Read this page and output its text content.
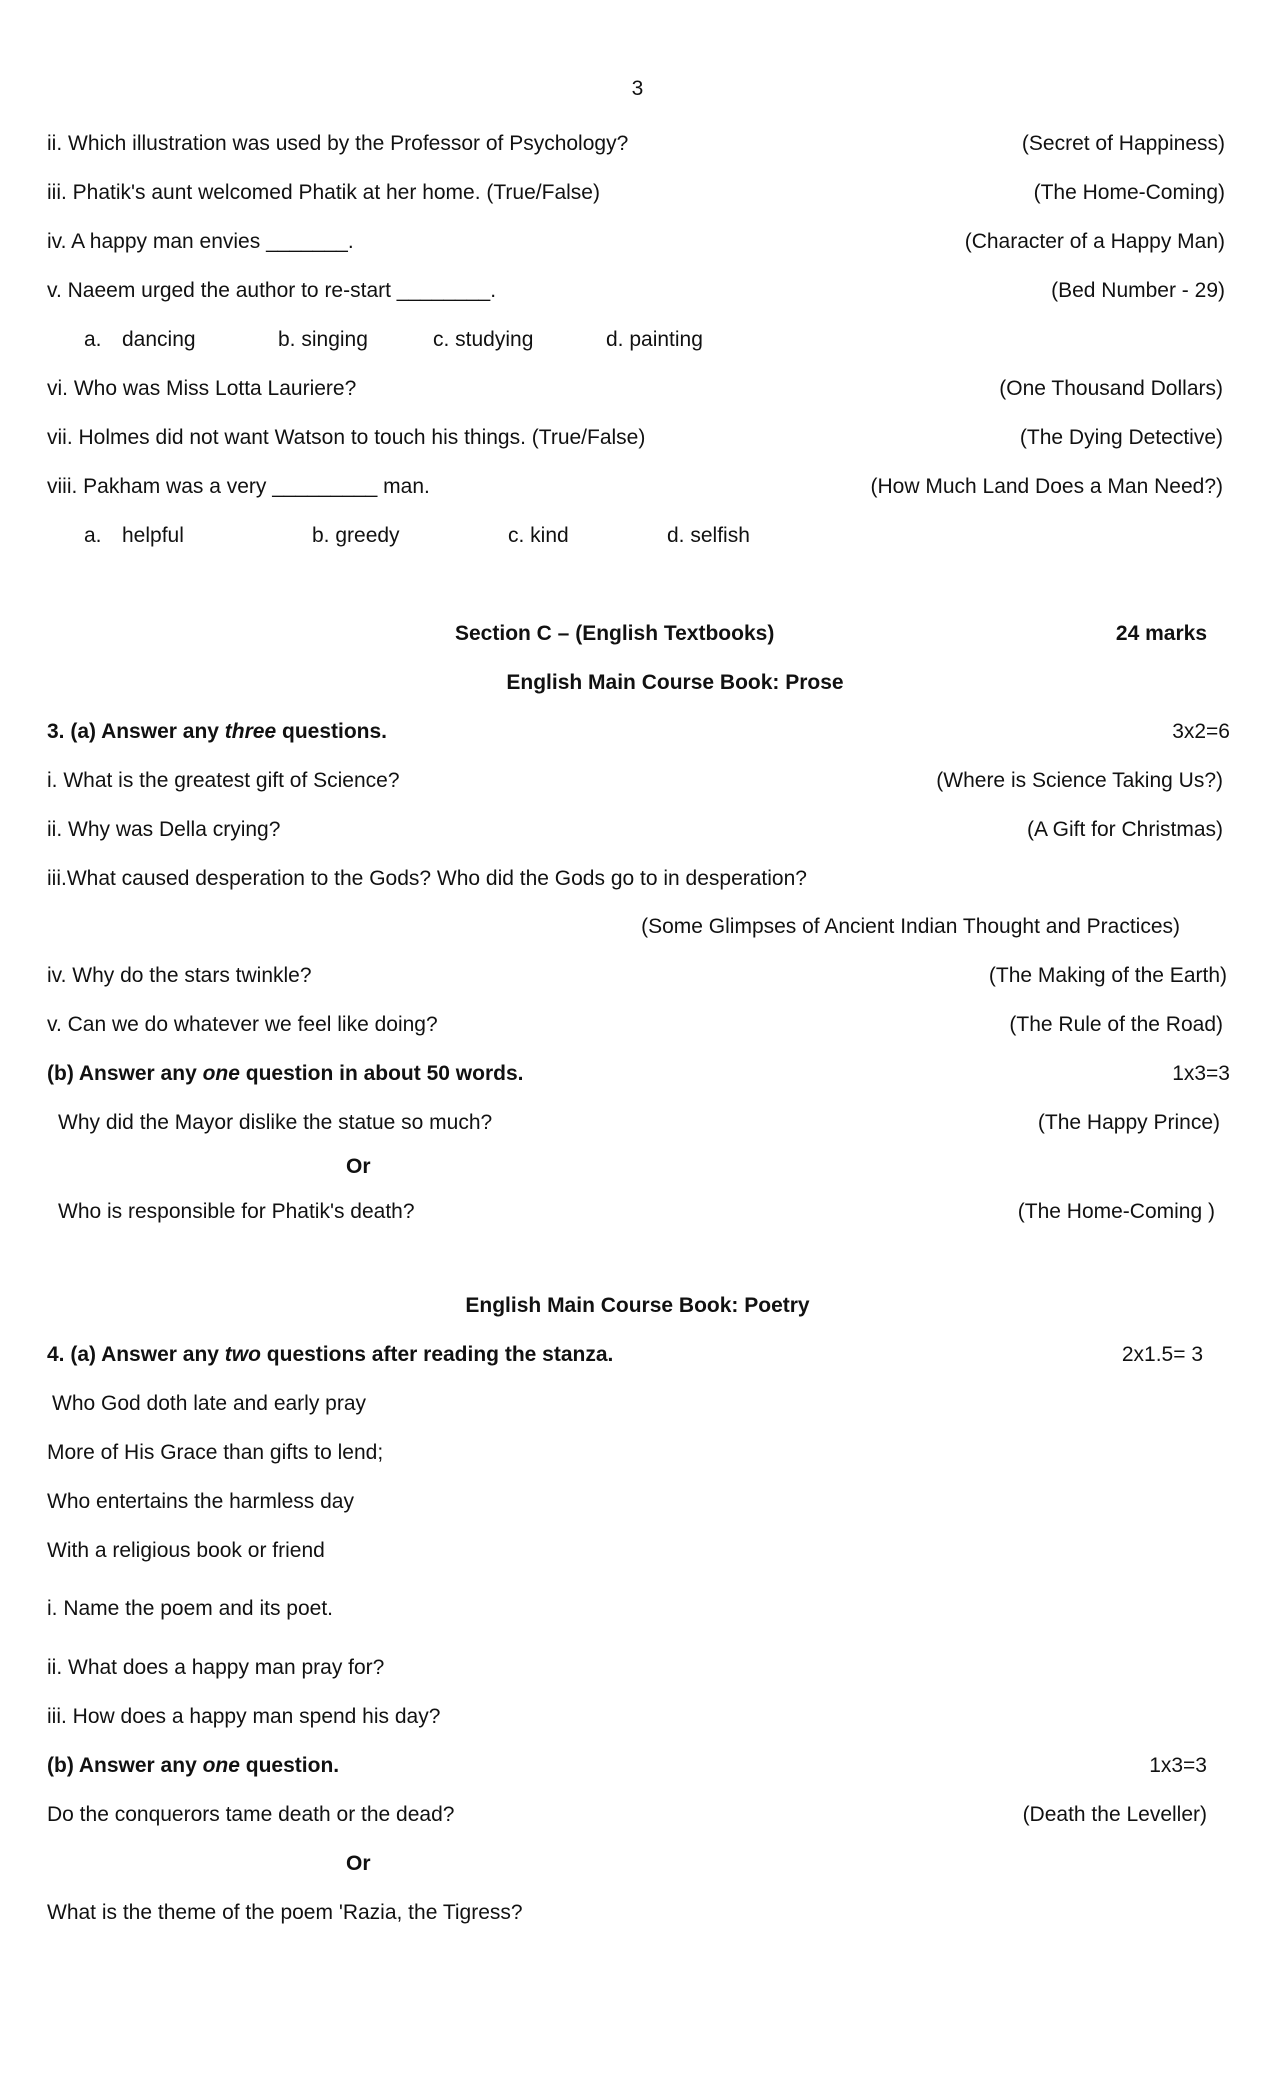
3
ii. Which illustration was used by the Professor of Psychology?	(Secret of Happiness)
iii. Phatik's aunt welcomed Phatik at her home. (True/False)	(The Home-Coming)
iv. A happy man envies _______.	(Character of a Happy Man)
v. Naeem urged the author to re-start ________.	(Bed Number - 29)
a. dancing	b. singing	c. studying	d. painting
vi. Who was Miss Lotta Lauriere?	(One Thousand Dollars)
vii. Holmes did not want Watson to touch his things. (True/False)	(The Dying Detective)
viii. Pakham was a very _________ man.	(How Much Land Does a Man Need?)
a. helpful	b. greedy	c. kind	d. selfish
Section C – (English Textbooks)	24 marks
English Main Course Book: Prose
3. (a) Answer any three questions.	3x2=6
i. What is the greatest gift of Science?	(Where is Science Taking Us?)
ii. Why was Della crying?	(A Gift for Christmas)
iii.What caused desperation to the Gods? Who did the Gods go to in desperation?
(Some Glimpses of Ancient Indian Thought and Practices)
iv. Why do the stars twinkle?	(The Making of the Earth)
v. Can we do whatever we feel like doing?	(The Rule of the Road)
(b) Answer any one question in about 50 words.	1x3=3
Why did the Mayor dislike the statue so much?	(The Happy Prince)
Or
Who is responsible for Phatik's death?	(The Home-Coming )
English Main Course Book: Poetry
4. (a) Answer any two questions after reading the stanza.	2x1.5= 3
Who God doth late and early pray
More of His Grace than gifts to lend;
Who entertains the harmless day
With a religious book or friend
i. Name the poem and its poet.
ii. What does a happy man pray for?
iii. How does a happy man spend his day?
(b) Answer any one question.	1x3=3
Do the conquerors tame death or the dead?	(Death the Leveller)
Or
What is the theme of the poem 'Razia, the Tigress?
